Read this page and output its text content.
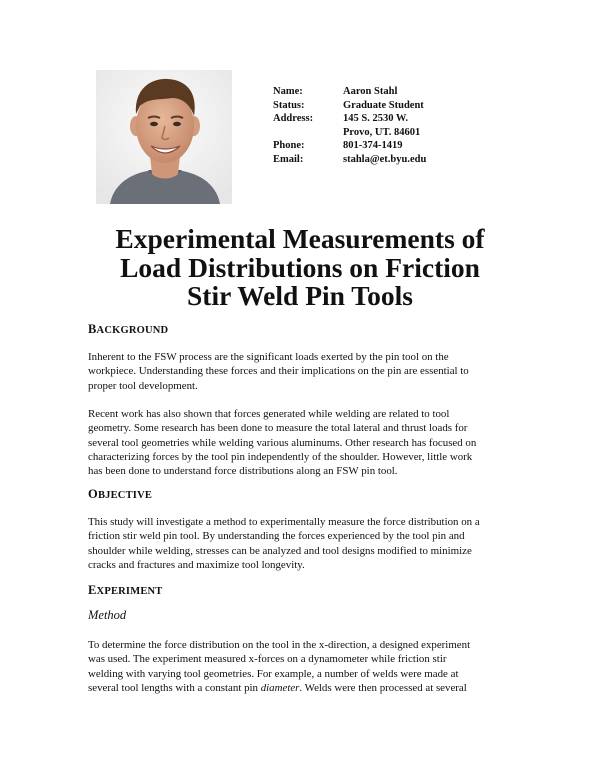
Name:	Aaron Stahl
Status:	Graduate Student
Address:	145 S. 2530 W.
Provo, UT. 84601
Phone:	801-374-1419
Email:	stahla@et.byu.edu
Experimental Measurements of
Load Distributions on Friction
Stir Weld Pin Tools
BACKGROUND
Inherent to the FSW process are the significant loads exerted by the pin tool on the
workpiece. Understanding these forces and their implications on the pin are essential to
proper tool development.
Recent work has also shown that forces generated while welding are related to tool
geometry. Some research has been done to measure the total lateral and thrust loads for
several tool geometries while welding various aluminums. Other research has focused on
characterizing forces by the tool pin independently of the shoulder. However, little work
has been done to understand force distributions along an FSW pin tool.
OBJECTIVE
This study will investigate a method to experimentally measure the force distribution on a
friction stir weld pin tool. By understanding the forces experienced by the tool pin and
shoulder while welding, stresses can be analyzed and tool designs modified to minimize
cracks and fractures and maximize tool longevity.
EXPERIMENT
Method
To determine the force distribution on the tool in the x-direction, a designed experiment
was used. The experiment measured x-forces on a dynamometer while friction stir
welding with varying tool geometries. For example, a number of welds were made at
several tool lengths with a constant pin diameter. Welds were then processed at several
